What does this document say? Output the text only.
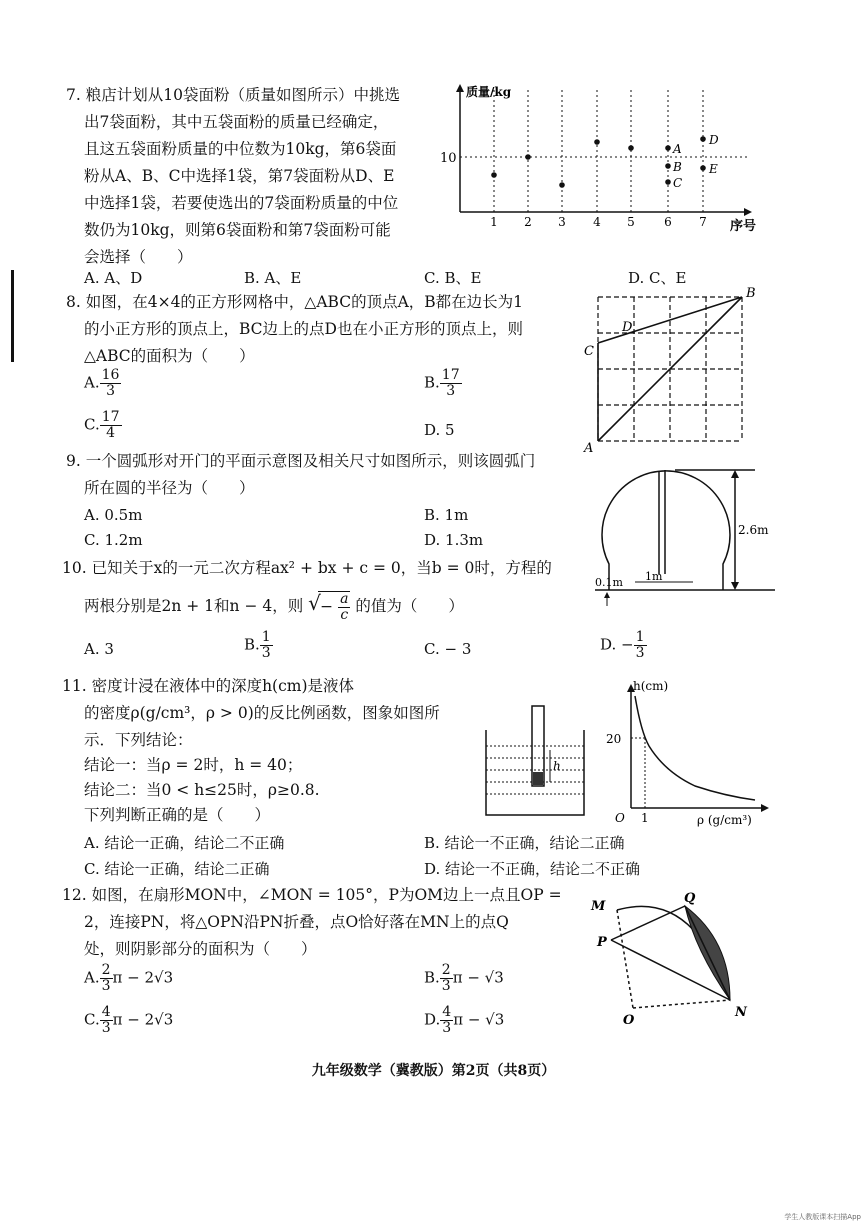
7. 粮店计划从10袋面粉（质量如图所示）中挑选
出7袋面粉，其中五袋面粉的质量已经确定，
且这五袋面粉质量的中位数为10kg，第6袋面
粉从A、B、C中选择1袋，第7袋面粉从D、E
中选择1袋，若要使选出的7袋面粉质量的中位
数仍为10kg，则第6袋面粉和第7袋面粉可能
会选择（　　）
A. A、D	B. A、E	C. B、E	D. C、E
质量/kg
序号
10
1 2 3 4 5 6 7
A
B
C
D
E
8. 如图，在4×4的正方形网格中，△ABC的顶点A，B都在边长为1
的小正方形的顶点上，BC边上的点D也在小正方形的顶点上，则
△ABC的面积为（　　）
A. $\frac{16}{3}$	B. $\frac{17}{3}$
C. $\frac{17}{4}$	D. 5
A
B
C
D
9. 一个圆弧形对开门的平面示意图及相关尺寸如图所示，则该圆弧门
所在圆的半径为（　　）
A. 0.5m	B. 1m
C. 1.2m	D. 1.3m
2.6m
1m
0.1m
10. 已知关于x的一元二次方程ax² + bx + c = 0，当b = 0时，方程的
两根分别是2n + 1和n − 4，则 √ − $\frac{a}{c}$ 的值为（　　）
A. 3	B. $\frac{1}{3}$	C. − 3	D. − $\frac{1}{3}$
11. 密度计浸在液体中的深度h(cm)是液体
的密度ρ(g/cm³，ρ > 0)的反比例函数，图象如图所
示．下列结论：
结论一：当ρ = 2时，h = 40；
结论二：当0 < h≤25时，ρ≥0.8.
下列判断正确的是（　　）
A. 结论一正确，结论二不正确	B. 结论一不正确，结论二正确
C. 结论一正确，结论二正确	D. 结论一不正确，结论二不正确
h
h(cm)
ρ (g/cm³)
20
1
O
12. 如图，在扇形MON中，∠MON = 105°，P为OM边上一点且OP =
2，连接PN，将△OPN沿PN折叠，点O恰好落在MN上的点Q
处，则阴影部分的面积为（　　）
A. $\frac{2}{3}$ π − 2√3	B. $\frac{2}{3}$ π − √3
C. $\frac{4}{3}$ π − 2√3	D. $\frac{4}{3}$ π − √3
M
Q
P
O
N
九年级数学（冀教版）第2页（共8页）
学生人教版课本扫描App
